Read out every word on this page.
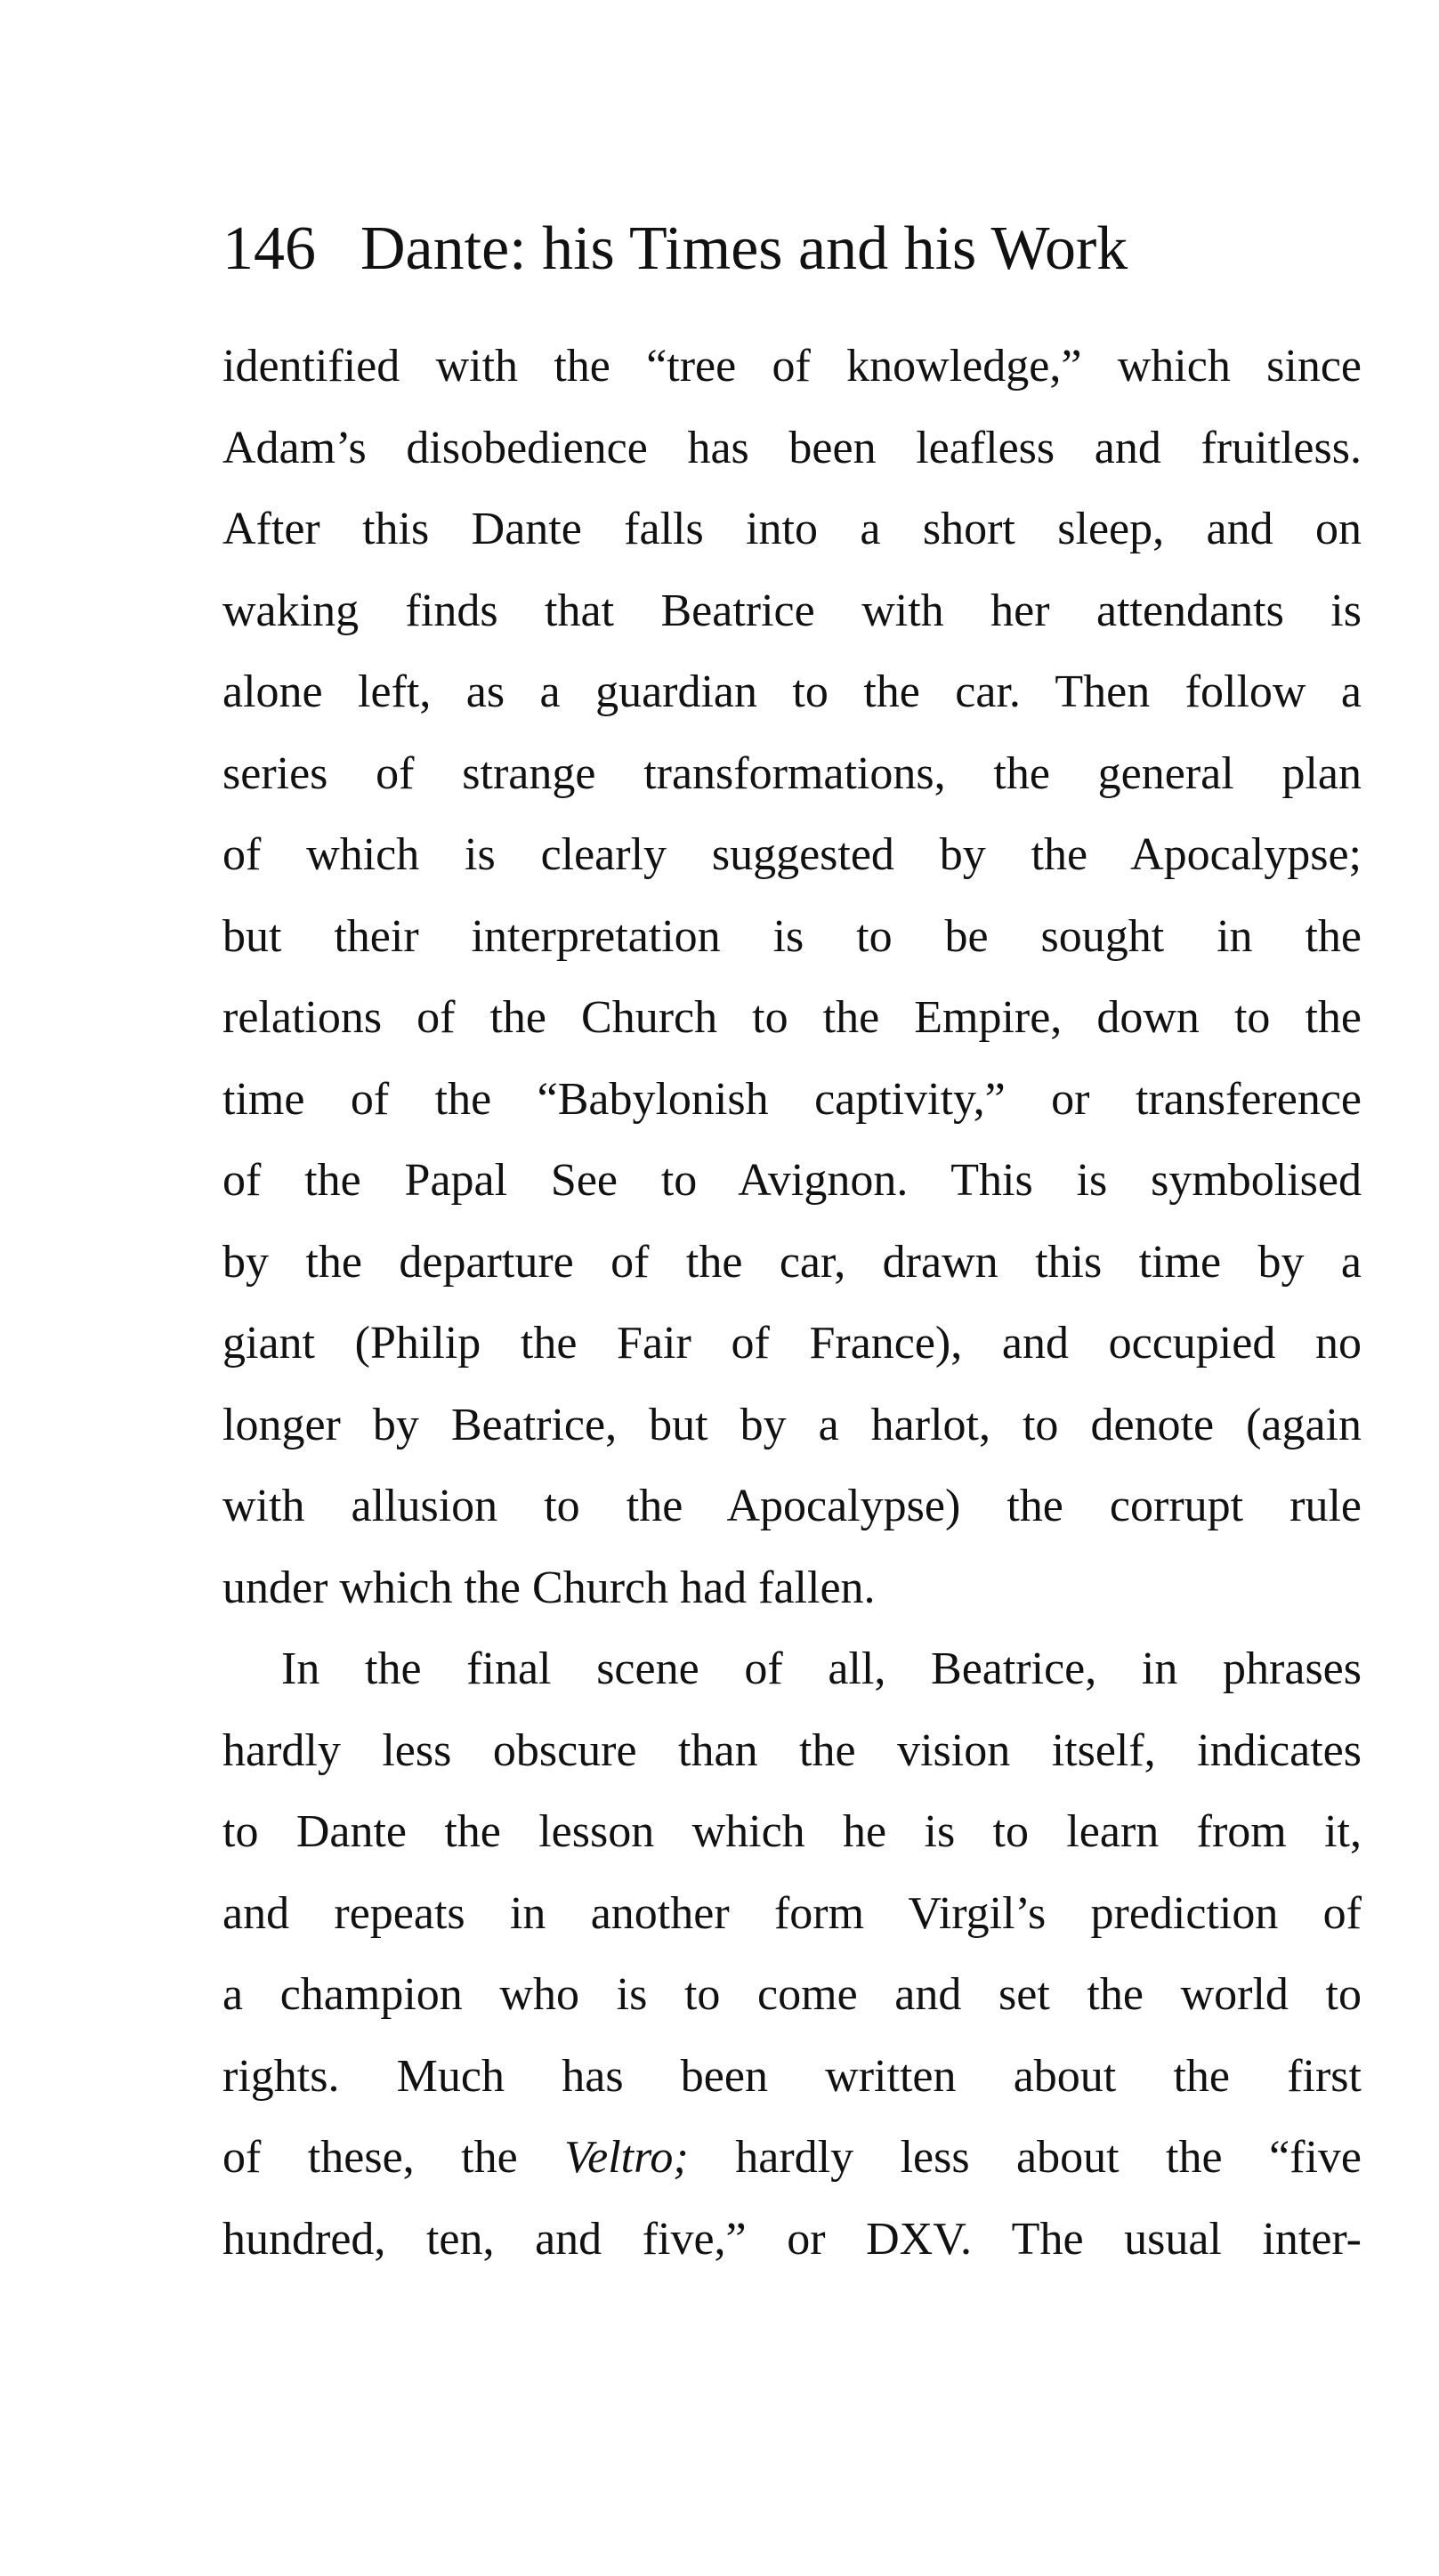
146 Dante: his Times and his Work
identified with the “tree of knowledge,” which since
Adam’s disobedience has been leafless and fruitless.
After this Dante falls into a short sleep, and on
waking finds that Beatrice with her attendants is
alone left, as a guardian to the car. Then follow a
series of strange transformations, the general plan
of which is clearly suggested by the Apocalypse;
but their interpretation is to be sought in the
relations of the Church to the Empire, down to the
time of the “Babylonish captivity,” or transference
of the Papal See to Avignon. This is symbolised
by the departure of the car, drawn this time by a
giant (Philip the Fair of France), and occupied no
longer by Beatrice, but by a harlot, to denote (again
with allusion to the Apocalypse) the corrupt rule
under which the Church had fallen.
In the final scene of all, Beatrice, in phrases
hardly less obscure than the vision itself, indicates
to Dante the lesson which he is to learn from it,
and repeats in another form Virgil’s prediction of
a champion who is to come and set the world to
rights. Much has been written about the first
of these, the Veltro; hardly less about the “five
hundred, ten, and five,” or DXV. The usual inter-
